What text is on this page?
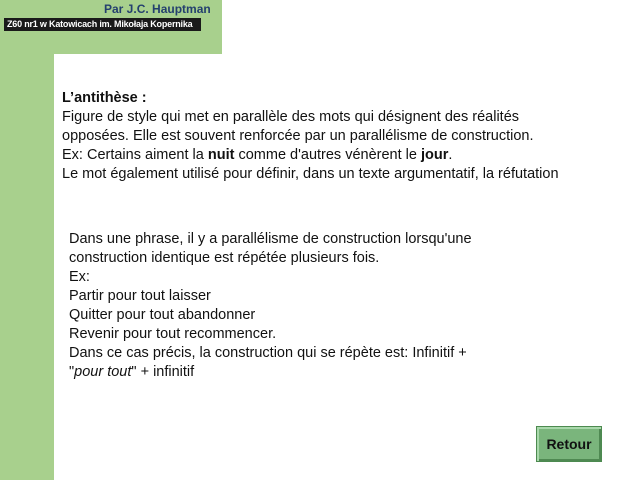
Par J.C. Hauptman
Z60 nr1 w Katowicach im. Mikołaja Kopernika
L’antithèse :
Figure de style qui met en parallèle des mots qui désignent des réalités
opposées. Elle est souvent renforcée par un parallélisme de construction.
Ex: Certains aiment la nuit comme d'autres vénèrent le jour.
Le mot également utilisé pour définir, dans un texte argumentatif, la réfutation
Dans une phrase, il y a parallélisme de construction lorsqu'une
construction identique est répétée plusieurs fois.
Ex:
Partir pour tout laisser
Quitter pour tout abandonner
Revenir pour tout recommencer.
Dans ce cas précis, la construction qui se répète est: Infinitif +
"pour tout" + infinitif
Retour
